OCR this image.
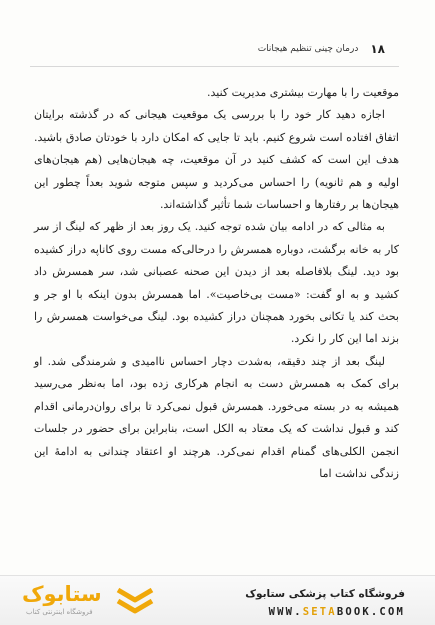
۱۸
درمان چینی تنظیم هیجانات

موقعیت را با مهارت بیشتری مدیریت کنید.

اجازه دهید کار خود را با بررسی یک موقعیت هیجانی که در گذشته برایتان اتفاق افتاده است شروع کنیم. باید تا جایی که امکان دارد با خودتان صادق باشید. هدف این است که کشف کنید در آن موقعیت، چه هیجان‌هایی (هم هیجان‌های اولیه و هم ثانویه) را احساس می‌کردید و سپس متوجه شوید بعداً چطور این هیجان‌ها بر رفتارها و احساسات شما تأثیر گذاشته‌اند.

به مثالی که در ادامه بیان شده توجه کنید. یک روز بعد از ظهر که لینگ از سر کار به خانه برگشت، دوباره همسرش را درحالی‌که مست روی کاناپه دراز کشیده بود دید. لینگ بلافاصله بعد از دیدن این صحنه عصبانی شد، سر همسرش داد کشید و به او گفت: «مست بی‌خاصیت». اما همسرش بدون اینکه با او جر و بحث کند یا تکانی بخورد همچنان دراز کشیده بود. لینگ می‌خواست همسرش را بزند اما این کار را نکرد.

لینگ بعد از چند دقیقه، به‌شدت دچار احساس ناامیدی و شرمندگی شد. او برای کمک به همسرش دست به انجام هرکاری زده بود، اما به‌نظر می‌رسید همیشه به در بسته می‌خورد. همسرش قبول نمی‌کرد تا برای روان‌درمانی اقدام کند و قبول نداشت که یک معتاد به الکل است، بنابراین برای حضور در جلسات انجمن الکلی‌های گمنام اقدام نمی‌کرد. هرچند او اعتقاد چندانی به ادامهٔ این زندگی نداشت اما

ستابوک
فروشگاه اینترنتی کتاب
فروشگاه کتاب پزشکی ستابوک
WWW.SETABOOK.COM
